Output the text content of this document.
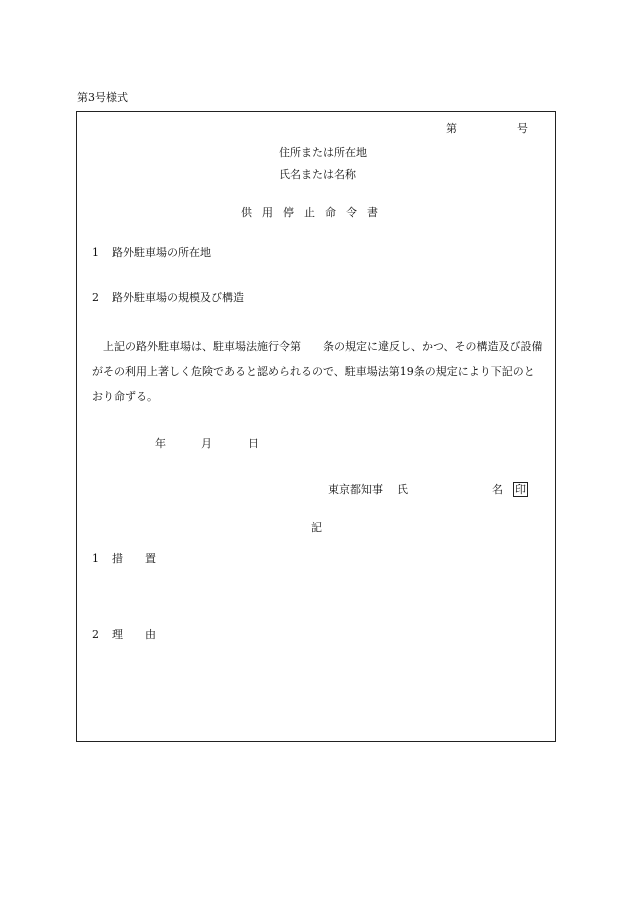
第3号様式
第	号
住所または所在地
氏名または名称
供用停止命令書
1 路外駐車場の所在地
2 路外駐車場の規模及び構造
上記の路外駐車場は、駐車場法施行令第 条の規定に違反し、かつ、その構造及び設備がその利用上著しく危険であると認められるので、駐車場法第19条の規定により下記のとおり命ずる。
年	月	日
東京都知事 氏	名 印
記
1 措　　置
2 理　　由
